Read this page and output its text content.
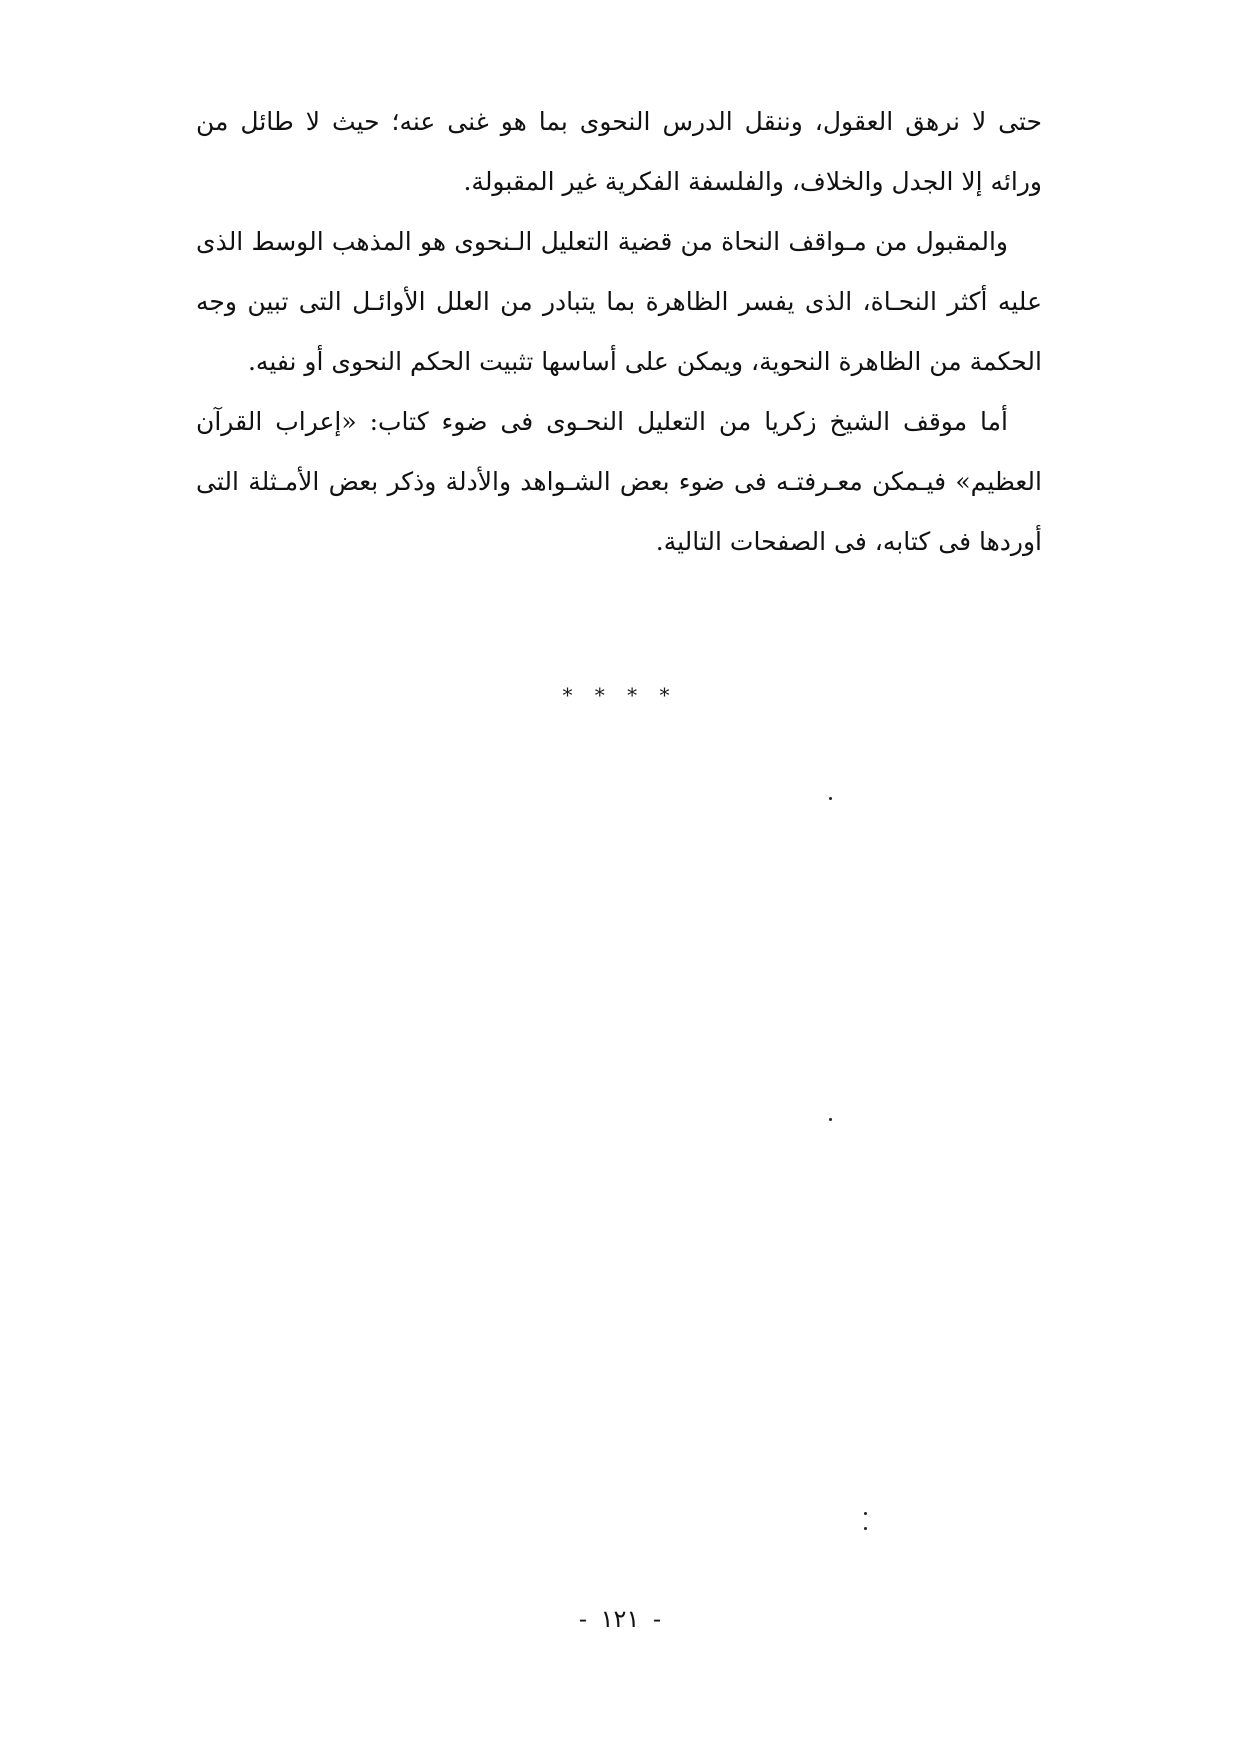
حتى لا نرهق العقول، وننقل الدرس النحوى بما هو غنى عنه؛ حيث لا طائل من ورائه إلا الجدل والخلاف، والفلسفة الفكرية غير المقبولة.

والمقبول من مـواقف النحاة من قضية التعليل الـنحوى هو المذهب الوسط الذى عليه أكثر النحـاة، الذى يفسر الظاهرة بما يتبادر من العلل الأوائـل التى تبين وجه الحكمة من الظاهرة النحوية، ويمكن على أساسها تثبيت الحكم النحوى أو نفيه.

أما موقف الشيخ زكريا من التعليل النحـوى فى ضوء كتاب: «إعراب القرآن العظيم» فيـمكن معـرفتـه فى ضوء بعض الشـواهد والأدلة وذكر بعض الأمـثلة التى أوردها فى كتابه، فى الصفحات التالية.

* * * *
- ١٢١ -
